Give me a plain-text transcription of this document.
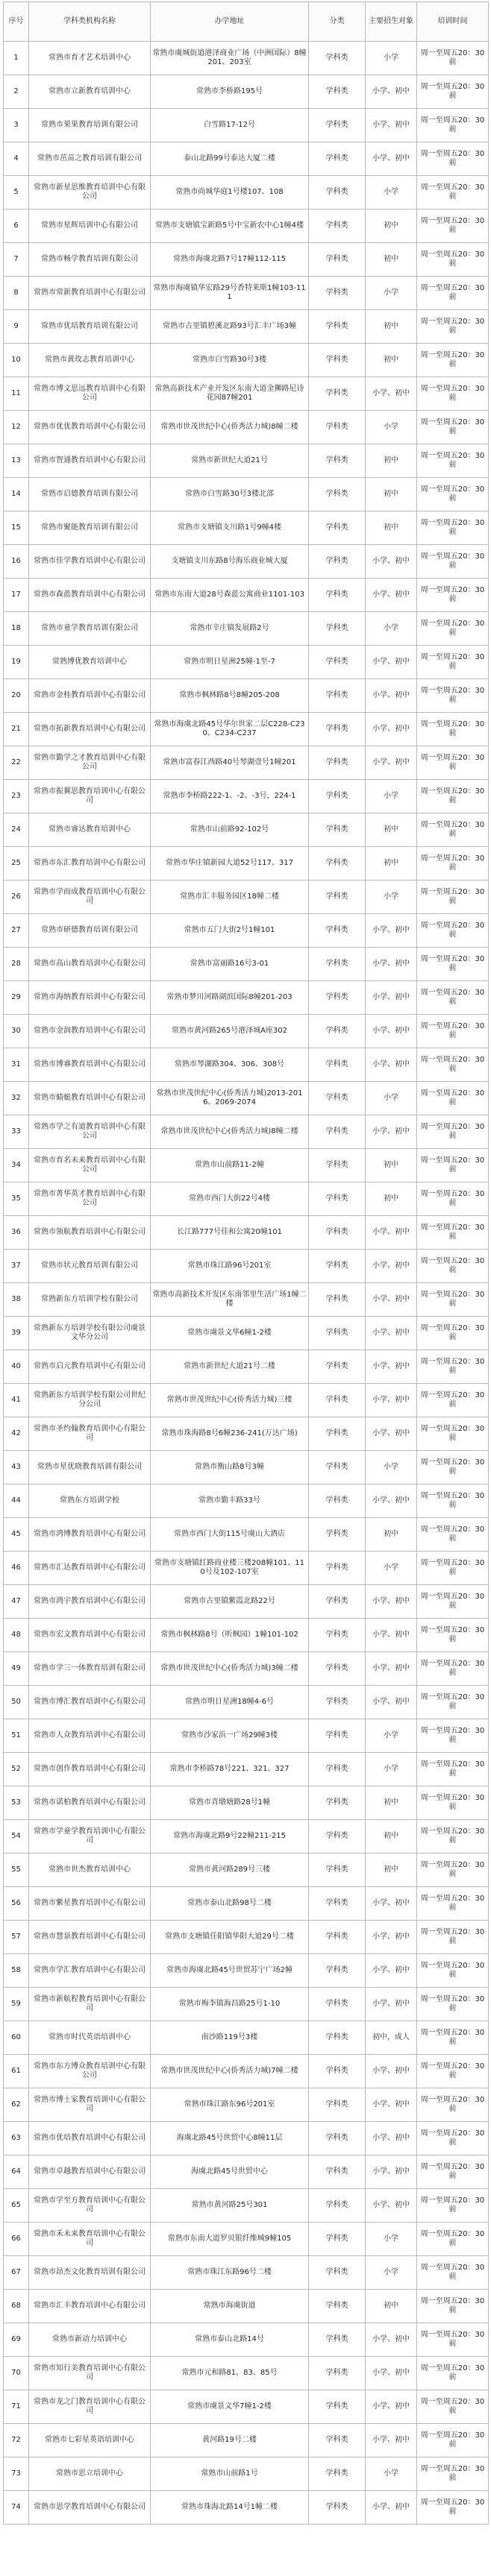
序号	学科类机构名称	办学地址	分类	主要招生对象	培训时间
1	常熟市育才艺术培训中心	常熟市虞城街道港泽商业广场（中洲国际）8幢201、203室	学科类	小学	周一至周五20：30前
2	常熟市立新教育培训中心	常熟市李桥路195号	学科类	小学、初中	周一至周五20：30前
3	常熟市果果教育培训有限公司	白雪路17-12号	学科类	小学、初中	周一至周五20：30前
4	常熟市茁苗之教育培训有限公司	泰山北路99号泰达大厦二楼	学科类	小学、初中	周一至周五20：30前
5	常熟市新星思维教育培训中心有限公司	常熟市尚城华庭1号楼107、108	学科类	小学	周一至周五20：30前
6	常熟市星辉培训中心有限公司	常熟市支塘镇宝新路5号中宝新农中心1幢4楼	学科类	初中	周一至周五20：30前
7	常熟市畅学教育培训有限公司	常熟市海虞北路7号17幢112-115	学科类	初中	周一至周五20：30前
8	常熟市常新教育培训中心有限公司	常熟市海虞镇华宏路29号香特莱斯1幢103-111	学科类	小学	周一至周五20：30前
9	常熟市优培教育培训有限公司	常熟市古里镇碧溪北路93号汇丰广场3幢	学科类	初中	周一至周五20：30前
10	常熟市黄玫志教育培训中心	常熟市白雪路30号3楼	学科类	初中	周一至周五20：30前
11	常熟市博文思远教育培训中心有限公司	常熟高新技术产业开发区东南大道金狮路尼诗花园87幢201	学科类	小学、初中	周一至周五20：30前
12	常熟市优优教育培训中心有限公司	常熟市世茂世纪中心(侨秀活力城)8幢二楼	学科类	小学	周一至周五20：30前
13	常熟市智通教育培训中心有限公司	常熟市新世纪大道21号	学科类	初中	周一至周五20：30前
14	常熟市启德教育培训有限公司	常熟市白雪路30号3楼北部	学科类	初中	周一至周五20：30前
15	常熟市聚能教育培训有限公司	常熟市支塘镇支川路1号9幢4楼	学科类	初中	周一至周五20：30前
16	常熟市佳学教育培训中心有限公司	支塘镇支川东路8号海乐商业城大厦	学科类	小学、初中	周一至周五20：30前
17	常熟市森蓝教育培训中心有限公司	常熟市东南大道28号森蓝公寓商业1101-103	学科类	小学、初中	周一至周五20：30前
18	常熟市童学教育培训有限公司	常熟市辛庄镇发展路2号	学科类	小学	周一至周五20：30前
19	常熟博优教育培训中心	常熟市明日星洲25幢-1至-7	学科类	小学、初中	周一至周五20：30前
20	常熟市金桂教育培训中心有限公司	常熟市枫林路8号8幢205-208	学科类	小学、初中	周一至周五20：30前
21	常熟市拓新教育培训中心有限公司	常熟市海虞北路45号华尔世家二层C228-C230、C234-C237	学科类	小学、初中	周一至周五20：30前
22	常熟市勤学之才教育培训中心有限公司	常熟市富春江西路40号琴湖壹号1幢201	学科类	小学、初中	周一至周五20：30前
23	常熟市振翼思教育培训中心有限公司	常熟市李桥路222-1、-2、-3号，224-1	学科类	小学	周一至周五20：30前
24	常熟市睿达教育培训中心	常熟市山前路92-102号	学科类	初中	周一至周五20：30前
25	常熟市东汇教育培训中心有限公司	常熟市华庄镇新园大道52号117、317	学科类	初中	周一至周五20：30前
26	常熟市学而成教育培训中心有限公司	常熟市汇丰服务园区18幢二楼	学科类	小学	周一至周五20：30前
27	常熟市研德教育培训有限公司	常熟市五门大街2号1幢101	学科类	小学、初中	周一至周五20：30前
28	常熟市高山教育培训中心有限公司	常熟市富丽路16号3-01	学科类	小学、初中	周一至周五20：30前
29	常熟市海纳教育培训中心有限公司	常熟市梦川河路湖滨国际8幢201-203	学科类	小学、初中	周一至周五20：30前
30	常熟市金润教育培训中心有限公司	常熟市黄河路265号港泽城A座302	学科类	小学、初中	周一至周五20：30前
31	常熟市博睿教育培训中心有限公司	常熟市琴湖路304、306、308号	学科类	小学、初中	周一至周五20：30前
32	常熟市蜻蜓教育培训中心有限公司	常熟市世茂世纪中心(侨秀活力城)2013-2016、2069-2074	学科类	小学	周一至周五20：30前
33	常熟市学之有道教育培训中心有限公司	常熟市世茂世纪中心(侨秀活力城)8幢二楼	学科类	小学、初中	周一至周五20：30前
34	常熟市育名未来教育培训中心有限公司	常熟市山前路11-2幢	学科类	初中	周一至周五20：30前
35	常熟市菁华英才教育培训中心有限公司	常熟市西门大街22号4楼	学科类	初中	周一至周五20：30前
36	常熟市领航教育培训中心有限公司	长江路777号佳和公寓20幢101	学科类	小学、初中	周一至周五20：30前
37	常熟市状元教育培训有限公司	常熟市珠江路96号201室	学科类	小学、初中	周一至周五20：30前
38	常熟新东方培训学校有限公司	常熟市高新技术开发区东南邻里生活广场1幢二楼	学科类	小学、初中	周一至周五20：30前
39	常熟新东方培训学校有限公司虞景文华分公司	常熟市虞景文华6幢1-2楼	学科类	小学、初中	周一至周五20：30前
40	常熟市启元教育培训中心有限公司	常熟市新世纪大道21号二楼	学科类	小学、初中	周一至周五20：30前
41	常熟新东方培训学校有限公司世纪分公司	常熟市世茂世纪中心(侨秀活力城)三楼	学科类	小学、初中	周一至周五20：30前
42	常熟市圣约翰教育培训中心有限公司	常熟市珠海路8号6幢236-241(万达广场)	学科类	小学、初中	周一至周五20：30前
43	常熟市星优晓教育培训有限公司	常熟市衡山路8号3幢	学科类	小学	周一至周五20：30前
44	常熟东方培训学校	常熟市勤丰路33号	学科类	小学、初中	周一至周五20：30前
45	常熟市鸿博教育培训中心有限公司	常熟市西门大街115号虞山大酒店	学科类	初中	周一至周五20：30前
46	常熟市汇达教育培训中心有限公司	常熟市支塘镇红路商业楼三楼208幢101、110号及102-107室	学科类	小学	周一至周五20：30前
47	常熟市鸿宇教育培训中心有限公司	常熟市古里镇紫霞北路22号	学科类	小学、初中	周一至周五20：30前
48	常熟市宏文教育培训中心有限公司	常熟市枫林路8号（听枫园）1幢101-102	学科类	小学、初中	周一至周五20：30前
49	常熟市学三一体教育培训有限公司	常熟市世茂世纪中心(侨秀活力城)3幢二楼	学科类	小学、初中	周一至周五20：30前
50	常熟市博汇教育培训中心有限公司	常熟市明日星洲18幢4-6号	学科类	小学、初中	周一至周五20：30前
51	常熟市人众教育培训中心有限公司	常熟市沙家浜一广场29幢3楼	学科类	小学	周一至周五20：30前
52	常熟市创作教育培训中心有限公司	常熟市李桥路78号221、321、327	学科类	小学	周一至周五20：30前
53	常熟市诺柏教育培训中心有限公司	常熟市青墩塘路28号1幢	学科类	初中	周一至周五20：30前
54	常熟市学童学教育培训中心有限公司	常熟市海虞北路9号22幢211-215	学科类	初中	周一至周五20：30前
55	常熟市世杰教育培训中心	常熟市黄河路289号三楼	学科类	初中	周一至周五20：30前
56	常熟市紫星教育培训中心有限公司	常熟市泰山北路98号二楼	学科类	小学、初中	周一至周五20：30前
57	常熟市慧泉教育培训中心有限公司	常熟市支塘镇任阳镇华阳大道29号二楼	学科类	小学、初中	周一至周五20：30前
58	常熟市学汇教育培训中心有限公司	常熟市海虞北路45号世贸苏宁广场2幢	学科类	小学、初中	周一至周五20：30前
59	常熟市新航程教育培训中心有限公司	常熟市梅李镇海昌路25号1-10	学科类	小学、初中	周一至周五20：30前
60	常熟市时代英语培训中心	南沙路119号3楼	学科类	初中，成人	周一至周五20：30前
61	常熟市东方博众教育培训中心有限公司	常熟市世茂世纪中心(侨秀活力城)7幢二楼	学科类	小学、初中	周一至周五20：30前
62	常熟市博士家教育培训中心有限公司	常熟市珠江路东96号201室	学科类	小学、初中	周一至周五20：30前
63	常熟市优培教育培训中心有限公司	海虞北路45号世贸中心8幢11层	学科类	小学、初中	周一至周五20：30前
64	常熟市卓越教育培训中心有限公司	海虞北路45号世贸中心	学科类	小学、初中	周一至周五20：30前
65	常熟市学至方教育培训中心有限公司	常熟市黄河路25号301	学科类	小学、初中	周一至周五20：30前
66	常熟市禾未来教育培训中心有限公司	常熟市东南大道罗贝银纤维城9幢105	学科类	小学	周一至周五20：30前
67	常熟市昂杰文化教育培训有限公司	常熟市珠江东路96号二楼	学科类	小学	周一至周五20：30前
68	常熟市汇丰教育培训中心有限公司	常熟市海虞街道	学科类	初中	周一至周五20：30前
69	常熟市新动力培训中心	常熟市泰山北路14号	学科类	小学、初中	周一至周五20：30前
70	常熟市知行美教育培训中心有限公司	常熟市元和路81、83、85号	学科类	小学、初中	周一至周五20：30前
71	常熟市龙之门教育培训中心有限公司	常熟市虞景文华7幢1-2楼	学科类	小学、初中	周一至周五20：30前
72	常熟市七彩星英语培训中心	黄河路19号二楼	学科类	小学、初中	周一至周五20：30前
73	常熟市思立培训中心	常熟市山前路1号	学科类	小学	周一至周五20：30前
74	常熟市思学教育培训中心有限公司	常熟市珠海北路14号1幢二楼	学科类	小学、初中	周一至周五20：30前
